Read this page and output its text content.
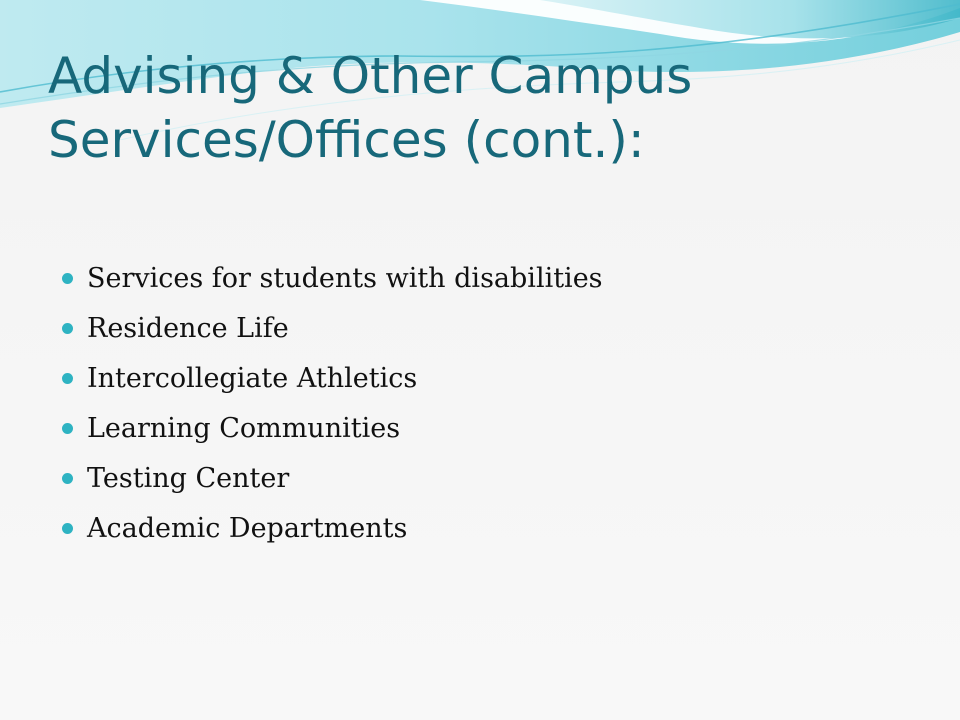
Advising & Other Campus Services/Offices (cont.):
Services for students with disabilities
Residence Life
Intercollegiate Athletics
Learning Communities
Testing Center
Academic Departments
